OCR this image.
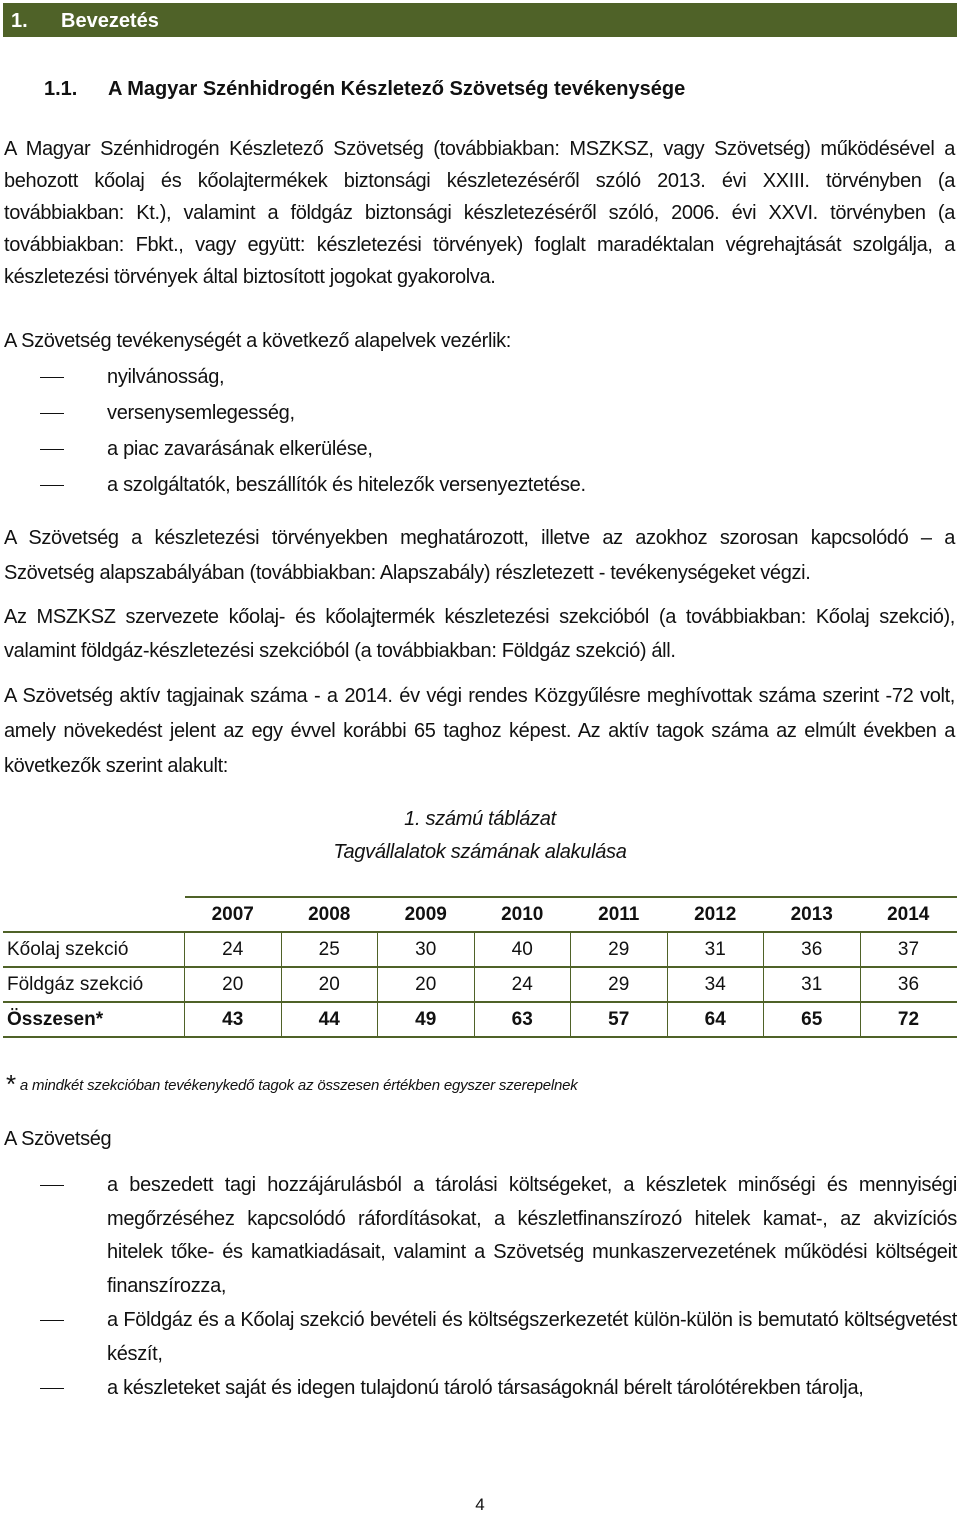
1. Bevezetés
1.1. A Magyar Szénhidrogén Készletező Szövetség tevékenysége
A Magyar Szénhidrogén Készletező Szövetség (továbbiakban: MSZKSZ, vagy Szövetség) működésével a behozott kőolaj és kőolajtermékek biztonsági készletezéséről szóló 2013. évi XXIII. törvényben (a továbbiakban: Kt.), valamint a földgáz biztonsági készletezéséről szóló, 2006. évi XXVI. törvényben (a továbbiakban: Fbkt., vagy együtt: készletezési törvények) foglalt maradéktalan végrehajtását szolgálja, a készletezési törvények által biztosított jogokat gyakorolva.
A Szövetség tevékenységét a következő alapelvek vezérlik:
nyilvánosság,
versenysemlegesség,
a piac zavarásának elkerülése,
a szolgáltatók, beszállítók és hitelezők versenyeztetése.
A Szövetség a készletezési törvényekben meghatározott, illetve az azokhoz szorosan kapcsolódó – a Szövetség alapszabályában (továbbiakban: Alapszabály) részletezett - tevékenységeket végzi.
Az MSZKSZ szervezete kőolaj- és kőolajtermék készletezési szekcióból (a továbbiakban: Kőolaj szekció), valamint földgáz-készletezési szekcióból (a továbbiakban: Földgáz szekció) áll.
A Szövetség aktív tagjainak száma - a 2014. év végi rendes Közgyűlésre meghívottak száma szerint -72 volt, amely növekedést jelent az egy évvel korábbi 65 taghoz képest. Az aktív tagok száma az elmúlt években a következők szerint alakult:
1. számú táblázat
Tagvállalatok számának alakulása
	2007	2008	2009	2010	2011	2012	2013	2014
Kőolaj szekció	24	25	30	40	29	31	36	37
Földgáz szekció	20	20	20	24	29	34	31	36
Összesen*	43	44	49	63	57	64	65	72
* a mindkét szekcióban tevékenykedő tagok az összesen értékben egyszer szerepelnek
A Szövetség
a beszedett tagi hozzájárulásból a tárolási költségeket, a készletek minőségi és mennyiségi megőrzéséhez kapcsolódó ráfordításokat, a készletfinanszírozó hitelek kamat-, az akvizíciós hitelek tőke- és kamatkiadásait, valamint a Szövetség munkaszervezetének működési költségeit finanszírozza,
a Földgáz és a Kőolaj szekció bevételi és költségszerkezetét külön-külön is bemutató költségvetést készít,
a készleteket saját és idegen tulajdonú tároló társaságoknál bérelt tárolótérekben tárolja,
4
